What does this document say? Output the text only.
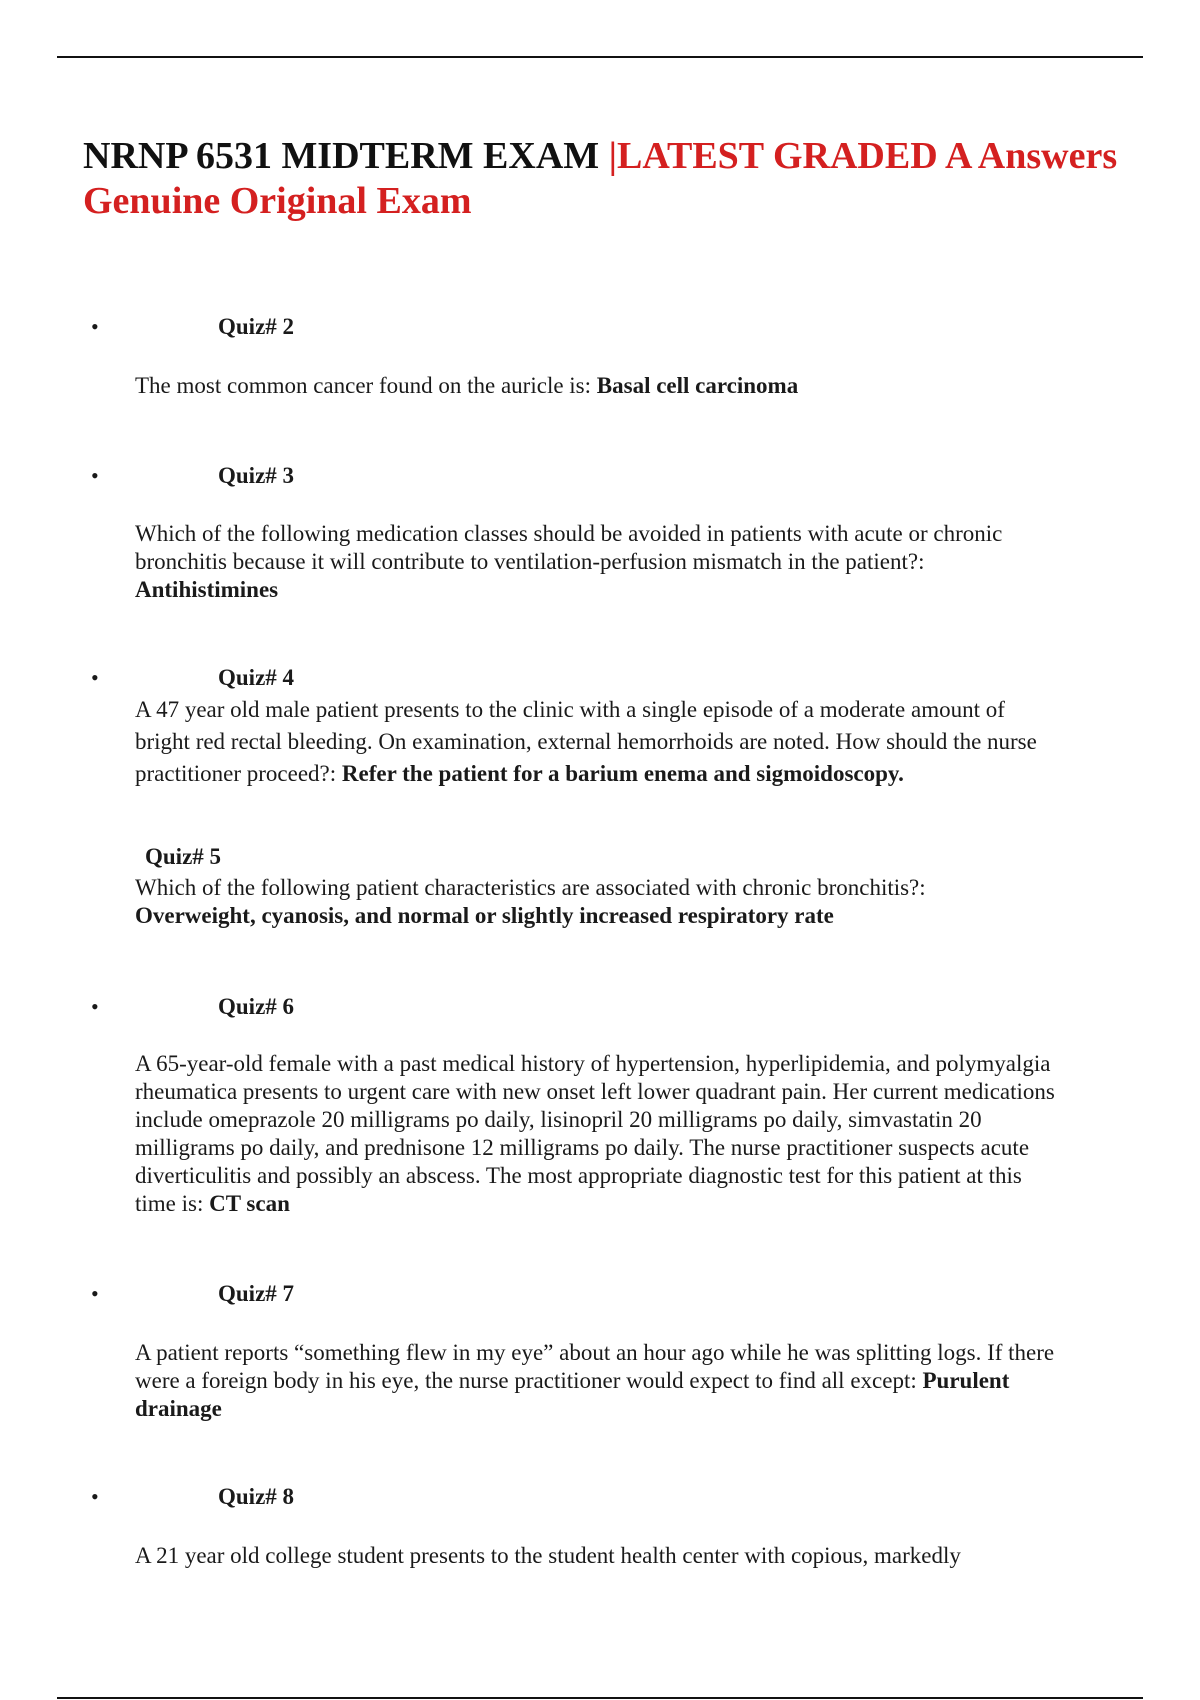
NRNP 6531 MIDTERM EXAM |LATEST GRADED A Answers Genuine Original Exam
•	Quiz# 2
The most common cancer found on the auricle is: Basal cell carcinoma
•	Quiz# 3
Which of the following medication classes should be avoided in patients with acute or chronic bronchitis because it will contribute to ventilation-perfusion mismatch in the patient?: Antihistimines
•	Quiz# 4
A 47 year old male patient presents to the clinic with a single episode of a moderate amount of bright red rectal bleeding. On examination, external hemorrhoids are noted. How should the nurse practitioner proceed?: Refer the patient for a barium enema and sigmoidoscopy.
Quiz# 5
Which of the following patient characteristics are associated with chronic bronchitis?:
Overweight, cyanosis, and normal or slightly increased respiratory rate
•	Quiz# 6
A 65-year-old female with a past medical history of hypertension, hyperlipidemia, and polymyalgia rheumatica presents to urgent care with new onset left lower quadrant pain. Her current medications include omeprazole 20 milligrams po daily, lisinopril 20 milligrams po daily, simvastatin 20 milligrams po daily, and prednisone 12 milligrams po daily. The nurse practitioner suspects acute diverticulitis and possibly an abscess. The most appropriate diagnostic test for this patient at this time is: CT scan
•	Quiz# 7
A patient reports “something flew in my eye” about an hour ago while he was splitting logs. If there were a foreign body in his eye, the nurse practitioner would expect to find all except: Purulent drainage
•	Quiz# 8
A 21 year old college student presents to the student health center with copious, markedly
